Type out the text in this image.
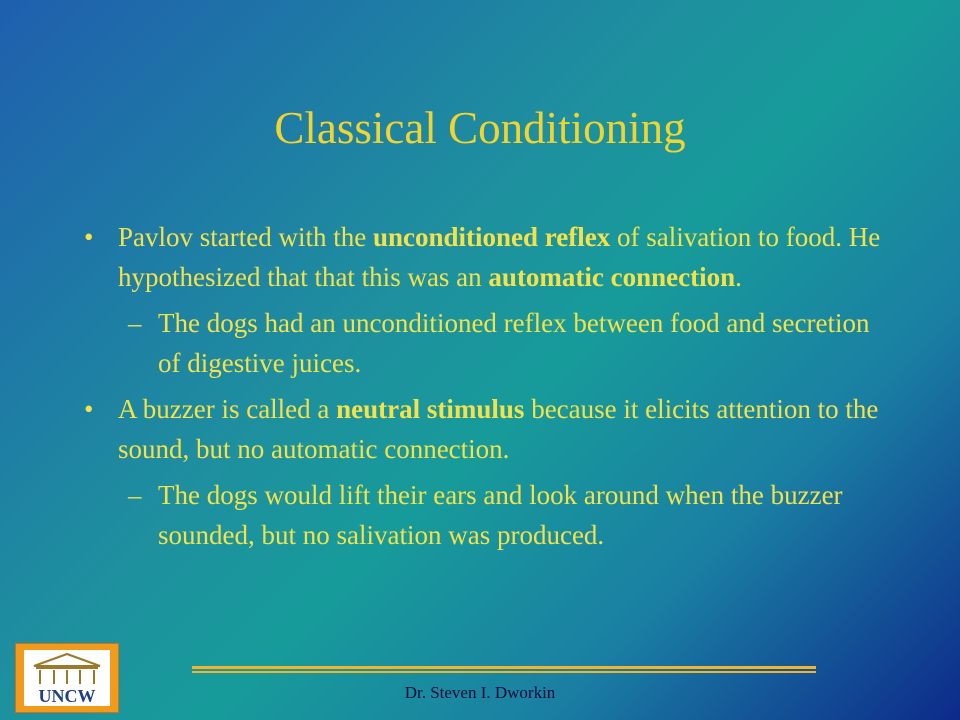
Classical Conditioning
• Pavlov started with the unconditioned reflex of salivation to food. He hypothesized that that this was an automatic connection.
– The dogs had an unconditioned reflex between food and secretion of digestive juices.
• A buzzer is called a neutral stimulus because it elicits attention to the sound, but no automatic connection.
– The dogs would lift their ears and look around when the buzzer sounded, but no salivation was produced.
UNCW	Dr. Steven I. Dworkin
